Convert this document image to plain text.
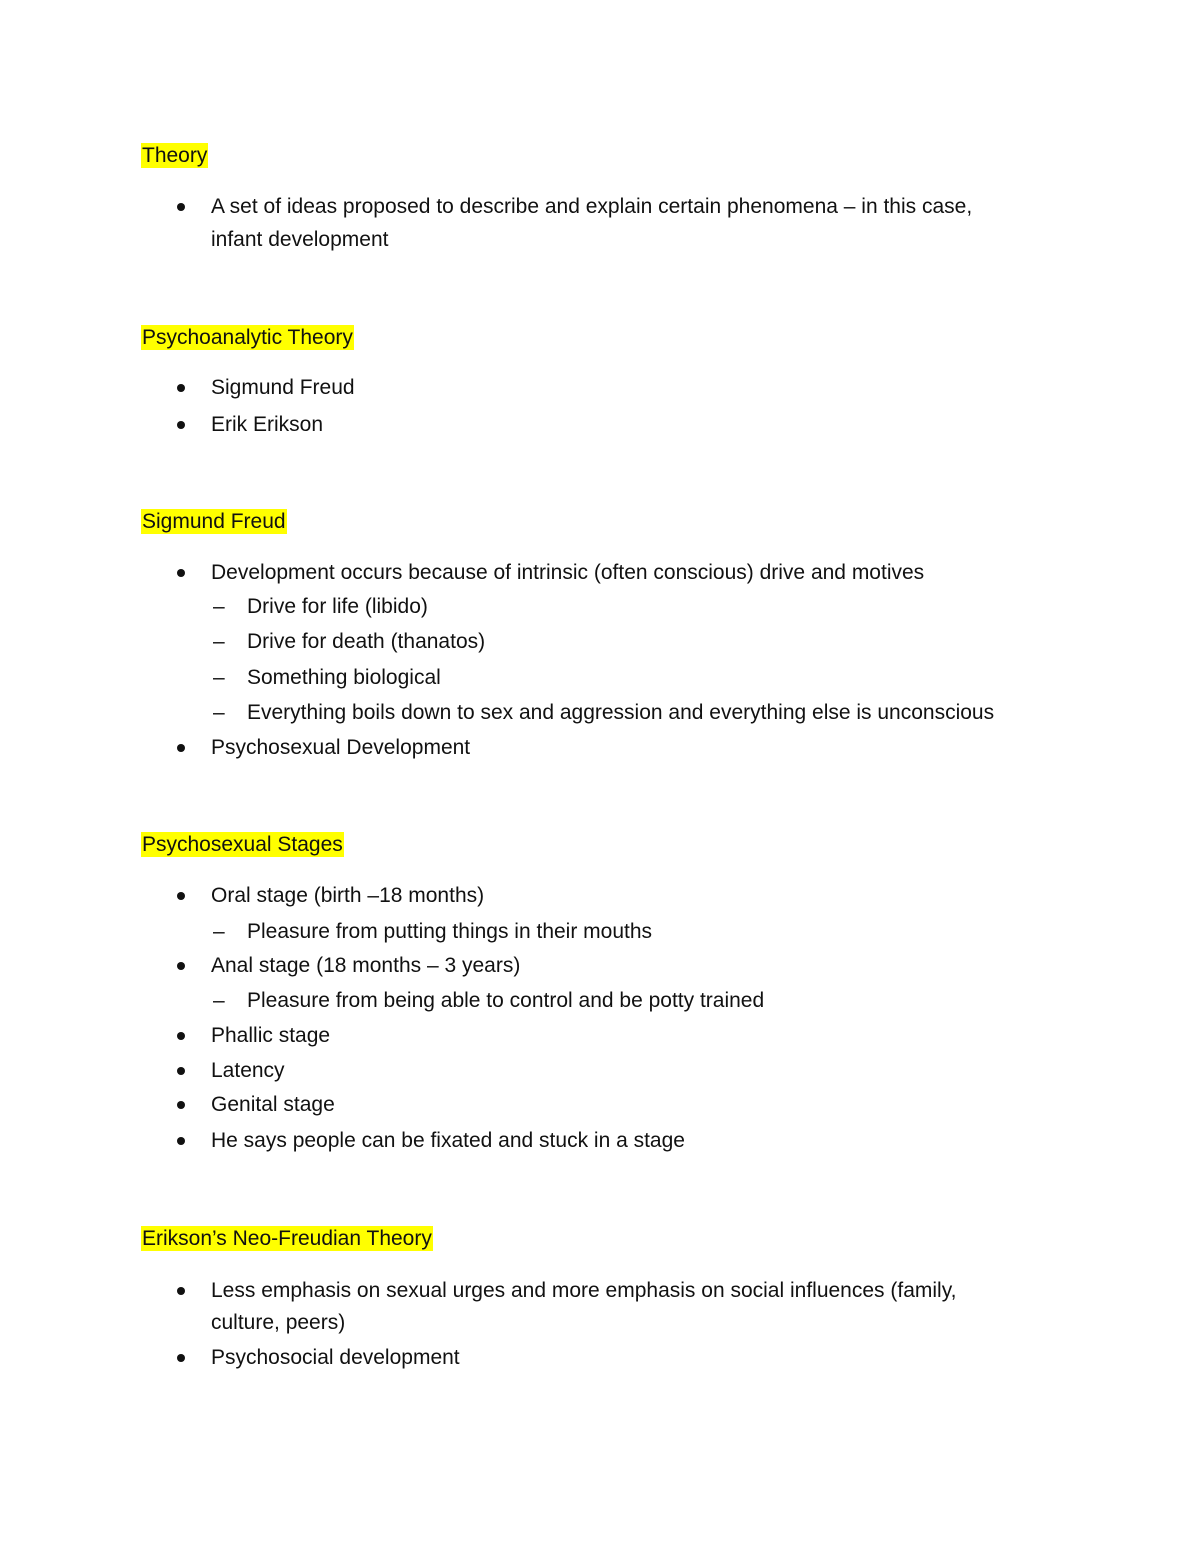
Theory
A set of ideas proposed to describe and explain certain phenomena – in this case,
infant development
Psychoanalytic Theory
Sigmund Freud
Erik Erikson
Sigmund Freud
Development occurs because of intrinsic (often conscious) drive and motives
– Drive for life (libido)
– Drive for death (thanatos)
– Something biological
– Everything boils down to sex and aggression and everything else is unconscious
Psychosexual Development
Psychosexual Stages
Oral stage (birth –18 months)
– Pleasure from putting things in their mouths
Anal stage (18 months – 3 years)
– Pleasure from being able to control and be potty trained
Phallic stage
Latency
Genital stage
He says people can be fixated and stuck in a stage
Erikson’s Neo-Freudian Theory
Less emphasis on sexual urges and more emphasis on social influences (family,
culture, peers)
Psychosocial development
